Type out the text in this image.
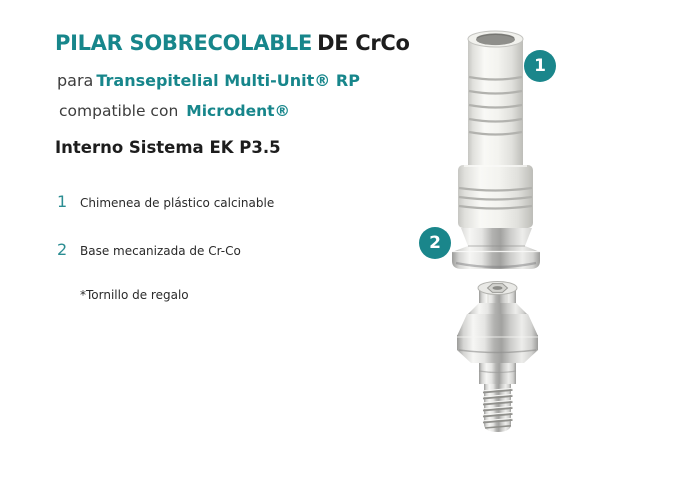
PILAR SOBRECOLABLE DE CrCo

para Transepitelial Multi-Unit® RP

compatible con Microdent®

Interno Sistema EK P3.5

1	Chimenea de plástico calcinable
2	Base mecanizada de Cr-Co

*Tornillo de regalo

1
2
